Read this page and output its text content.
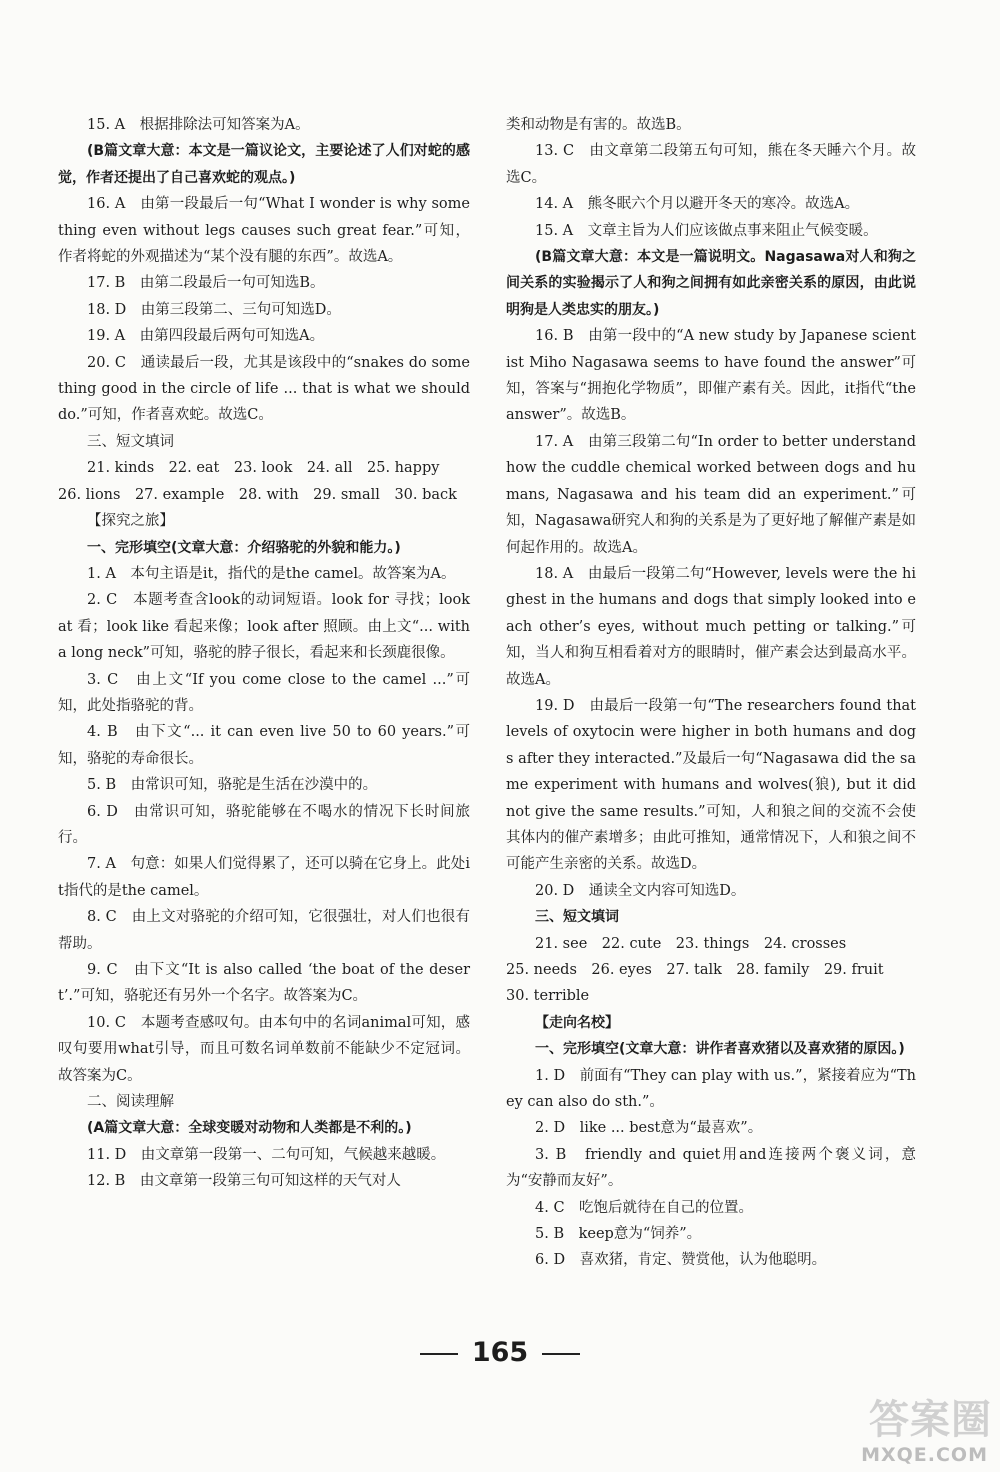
15. A　根据排除法可知答案为A。
(B篇文章大意：本文是一篇议论文，主要论述了人们对蛇的感觉，作者还提出了自己喜欢蛇的观点。)
16. A　由第一段最后一句“What I wonder is why something even without legs causes such great fear.”可知，作者将蛇的外观描述为“某个没有腿的东西”。故选A。
17. B　由第二段最后一句可知选B。
18. D　由第三段第二、三句可知选D。
19. A　由第四段最后两句可知选A。
20. C　通读最后一段，尤其是该段中的“snakes do something good in the circle of life ... that is what we should do.”可知，作者喜欢蛇。故选C。
三、短文填词
21. kinds　22. eat　23. look　24. all　25. happy
26. lions　27. example　28. with　29. small　30. back
【探究之旅】
一、完形填空(文章大意：介绍骆驼的外貌和能力。)
1. A　本句主语是it，指代的是the camel。故答案为A。
2. C　本题考查含look的动词短语。look for 寻找；look at 看；look like 看起来像；look after 照顾。由上文“... with a long neck”可知，骆驼的脖子很长，看起来和长颈鹿很像。
3. C　由上文“If you come close to the camel ...”可知，此处指骆驼的背。
4. B　由下文“... it can even live 50 to 60 years.”可知，骆驼的寿命很长。
5. B　由常识可知，骆驼是生活在沙漠中的。
6. D　由常识可知，骆驼能够在不喝水的情况下长时间旅行。
7. A　句意：如果人们觉得累了，还可以骑在它身上。此处it指代的是the camel。
8. C　由上文对骆驼的介绍可知，它很强壮，对人们也很有帮助。
9. C　由下文“It is also called ‘the boat of the desert’.”可知，骆驼还有另外一个名字。故答案为C。
10. C　本题考查感叹句。由本句中的名词animal可知，感叹句要用what引导，而且可数名词单数前不能缺少不定冠词。故答案为C。
二、阅读理解
(A篇文章大意：全球变暖对动物和人类都是不利的。)
11. D　由文章第一段第一、二句可知，气候越来越暖。
12. B　由文章第一段第三句可知这样的天气对人
类和动物是有害的。故选B。
13. C　由文章第二段第五句可知，熊在冬天睡六个月。故选C。
14. A　熊冬眠六个月以避开冬天的寒冷。故选A。
15. A　文章主旨为人们应该做点事来阻止气候变暖。
(B篇文章大意：本文是一篇说明文。Nagasawa对人和狗之间关系的实验揭示了人和狗之间拥有如此亲密关系的原因，由此说明狗是人类忠实的朋友。)
16. B　由第一段中的“A new study by Japanese scientist Miho Nagasawa seems to have found the answer”可知，答案与“拥抱化学物质”，即催产素有关。因此，it指代“the answer”。故选B。
17. A　由第三段第二句“In order to better understand how the cuddle chemical worked between dogs and humans, Nagasawa and his team did an experiment.”可知，Nagasawa研究人和狗的关系是为了更好地了解催产素是如何起作用的。故选A。
18. A　由最后一段第二句“However, levels were the highest in the humans and dogs that simply looked into each other’s eyes, without much petting or talking.”可知，当人和狗互相看着对方的眼睛时，催产素会达到最高水平。故选A。
19. D　由最后一段第一句“The researchers found that levels of oxytocin were higher in both humans and dogs after they interacted.”及最后一句“Nagasawa did the same experiment with humans and wolves(狼), but it did not give the same results.”可知，人和狼之间的交流不会使其体内的催产素增多；由此可推知，通常情况下，人和狼之间不可能产生亲密的关系。故选D。
20. D　通读全文内容可知选D。
三、短文填词
21. see　22. cute　23. things　24. crosses
25. needs　26. eyes　27. talk　28. family　29. fruit
30. terrible
【走向名校】
一、完形填空(文章大意：讲作者喜欢猪以及喜欢猪的原因。)
1. D　前面有“They can play with us.”，紧接着应为“They can also do sth.”。
2. D　like ... best意为“最喜欢”。
3. B　friendly and quiet用and连接两个褒义词，意为“安静而友好”。
4. C　吃饱后就待在自己的位置。
5. B　keep意为“饲养”。
6. D　喜欢猪，肯定、赞赏他，认为他聪明。
165
答案圈
MXQE.COM
